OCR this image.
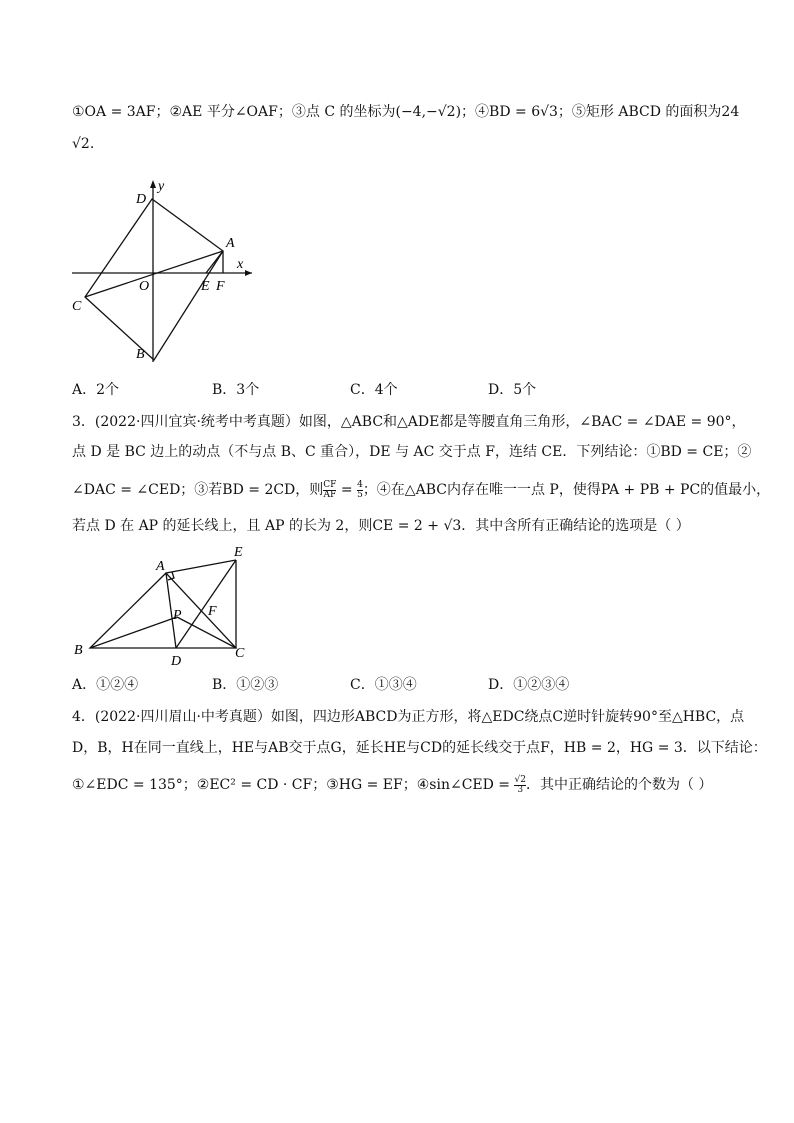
①OA = 3AF；②AE 平分∠OAF；③点 C 的坐标为(−4,−√2)；④BD = 6√3；⑤矩形 ABCD 的面积为24
√2.
D
y
A
x
C
O	E F
B
A．2个	B．3个	C．4个	D．5个
3．(2022·四川宜宾·统考中考真题）如图，△ABC和△ADE都是等腰直角三角形，∠BAC = ∠DAE = 90°，
点 D 是 BC 边上的动点（不与点 B、C 重合），DE 与 AC 交于点 F，连结 CE．下列结论：①BD = CE；②
∠DAC = ∠CED；③若BD = 2CD，则 $\frac{CF}{AF} = \frac{4}{5}$ ；④在△ABC内存在唯一一点 P，使得PA + PB + PC的值最小，
若点 D 在 AP 的延长线上，且 AP 的长为 2，则CE = 2 + √3．其中含所有正确结论的选项是（ ）
A
E
P F
B
D
C
A．①②④	B．①②③	C．①③④	D．①②③④
4．(2022·四川眉山·中考真题）如图，四边形ABCD为正方形，将△EDC绕点C逆时针旋转90°至△HBC，点
D，B，H在同一直线上，HE与AB交于点G，延长HE与CD的延长线交于点F，HB = 2，HG = 3．以下结论：
①∠EDC = 135°；②EC² = CD · CF；③HG = EF；④sin∠CED = $\frac{√2}{3}$ ．其中正确结论的个数为（ ）
